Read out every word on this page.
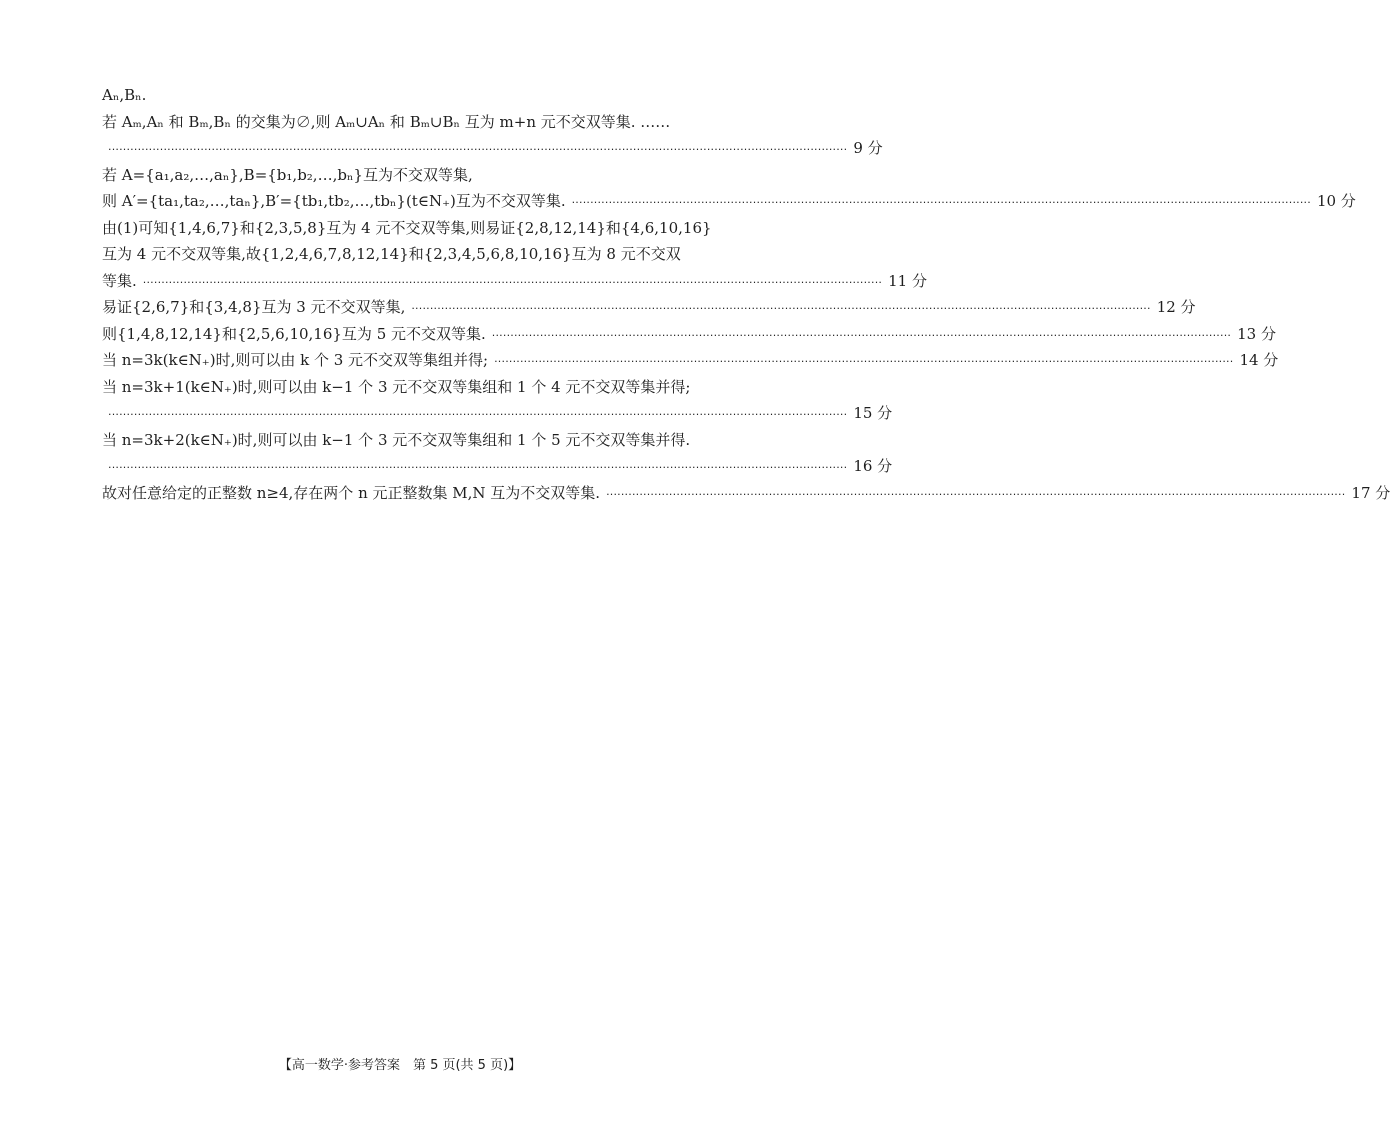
Aₙ,Bₙ.
若 Aₘ,Aₙ 和 Bₘ,Bₙ 的交集为∅,则 Aₘ∪Aₙ 和 Bₘ∪Bₙ 互为 m+n 元不交双等集. ……
········································································································································································································ 9 分
若 A={a₁,a₂,…,aₙ},B={b₁,b₂,…,bₙ}互为不交双等集,
则 A′={ta₁,ta₂,…,taₙ},B′={tb₁,tb₂,…,tbₙ}(t∈N₊)互为不交双等集. ········································································································································································································ 10 分
由(1)可知{1,4,6,7}和{2,3,5,8}互为 4 元不交双等集,则易证{2,8,12,14}和{4,6,10,16}
互为 4 元不交双等集,故{1,2,4,6,7,8,12,14}和{2,3,4,5,6,8,10,16}互为 8 元不交双
等集. ········································································································································································································ 11 分
易证{2,6,7}和{3,4,8}互为 3 元不交双等集, ········································································································································································································ 12 分
则{1,4,8,12,14}和{2,5,6,10,16}互为 5 元不交双等集. ········································································································································································································ 13 分
当 n=3k(k∈N₊)时,则可以由 k 个 3 元不交双等集组并得; ········································································································································································································ 14 分
当 n=3k+1(k∈N₊)时,则可以由 k−1 个 3 元不交双等集组和 1 个 4 元不交双等集并得;
········································································································································································································ 15 分
当 n=3k+2(k∈N₊)时,则可以由 k−1 个 3 元不交双等集组和 1 个 5 元不交双等集并得.
········································································································································································································ 16 分
故对任意给定的正整数 n≥4,存在两个 n 元正整数集 M,N 互为不交双等集. ········································································································································································································ 17 分
【高一数学·参考答案　第 5 页(共 5 页)】
